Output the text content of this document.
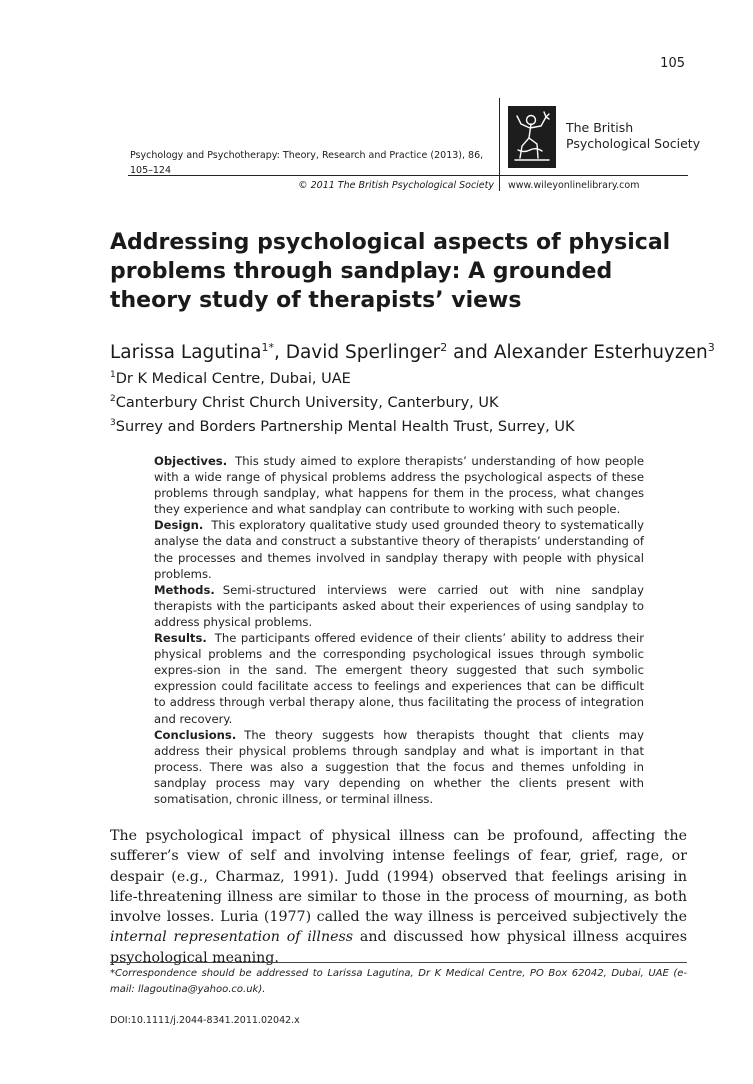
105
Psychology and Psychotherapy: Theory, Research and Practice (2013), 86, 105–124
© 2011 The British Psychological Society
The British
Psychological Society
www.wileyonlinelibrary.com
Addressing psychological aspects of physical problems through sandplay: A grounded theory study of therapists’ views
Larissa Lagutina$^{1*}$, David Sperlinger$^2$ and Alexander Esterhuyzen$^3$
$^1$Dr K Medical Centre, Dubai, UAE
$^2$Canterbury Christ Church University, Canterbury, UK
$^3$Surrey and Borders Partnership Mental Health Trust, Surrey, UK

Objectives. This study aimed to explore therapists’ understanding of how people with a wide range of physical problems address the psychological aspects of these problems through sandplay, what happens for them in the process, what changes they experience and what sandplay can contribute to working with such people.

Design. This exploratory qualitative study used grounded theory to systematically analyse the data and construct a substantive theory of therapists’ understanding of the processes and themes involved in sandplay therapy with people with physical problems.

Methods. Semi-structured interviews were carried out with nine sandplay therapists with the participants asked about their experiences of using sandplay to address physical problems.

Results. The participants offered evidence of their clients’ ability to address their physical problems and the corresponding psychological issues through symbolic expres-sion in the sand. The emergent theory suggested that such symbolic expression could facilitate access to feelings and experiences that can be difficult to address through verbal therapy alone, thus facilitating the process of integration and recovery.

Conclusions. The theory suggests how therapists thought that clients may address their physical problems through sandplay and what is important in that process. There was also a suggestion that the focus and themes unfolding in sandplay process may vary depending on whether the clients present with somatisation, chronic illness, or terminal illness.

The psychological impact of physical illness can be profound, affecting the sufferer’s view of self and involving intense feelings of fear, grief, rage, or despair (e.g., Charmaz, 1991). Judd (1994) observed that feelings arising in life-threatening illness are similar to those in the process of mourning, as both involve losses. Luria (1977) called the way illness is perceived subjectively the internal representation of illness and discussed how physical illness acquires psychological meaning.

*Correspondence should be addressed to Larissa Lagutina, Dr K Medical Centre, PO Box 62042, Dubai, UAE (e-mail: llagoutina@yahoo.co.uk).

DOI:10.1111/j.2044-8341.2011.02042.x
